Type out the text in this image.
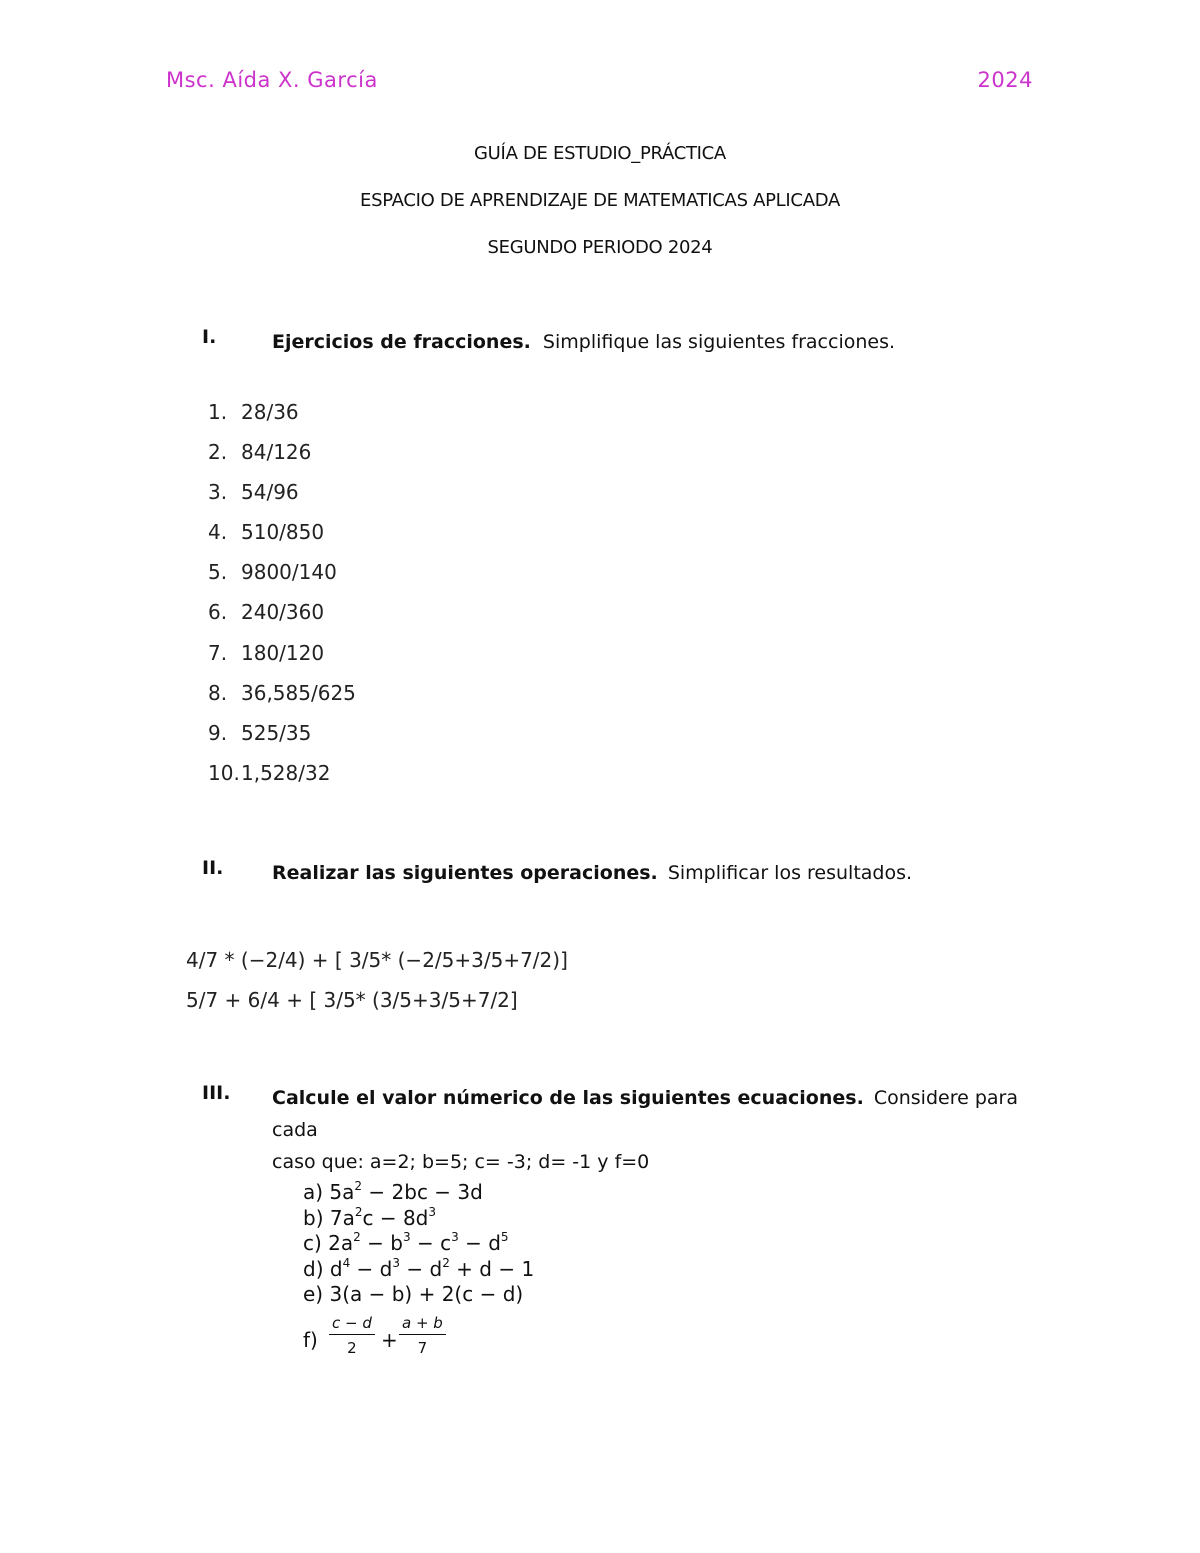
Msc. Aída X. García	2024
GUÍA DE ESTUDIO_PRÁCTICA
ESPACIO DE APRENDIZAJE DE MATEMATICAS APLICADA
SEGUNDO PERIODO 2024
I.	Ejercicios de fracciones. Simplifique las siguientes fracciones.
1. 28/36
2. 84/126
3. 54/96
4. 510/850
5. 9800/140
6. 240/360
7. 180/120
8. 36,585/625
9. 525/35
10. 1,528/32
II.	Realizar las siguientes operaciones. Simplificar los resultados.
4/7 * (−2/4) + [ 3/5* (−2/5+3/5+7/2)]
5/7 + 6/4 + [ 3/5* (3/5+3/5+7/2]
III. Calcule el valor númerico de las siguientes ecuaciones. Considere para cada
caso que: a=2; b=5; c= -3; d= -1 y f=0
a) $5a^2 - 2bc - 3d$
b) $7a^2c - 8d^3$
c) $2a^2 - b^3 - c^3 - d^5$
d) $d^4 - d^3 - d^2 + d - 1$
e) 3(a − b) + 2(c − d)
$f) \frac{c - d}{2} + \frac{a + b}{7}$
